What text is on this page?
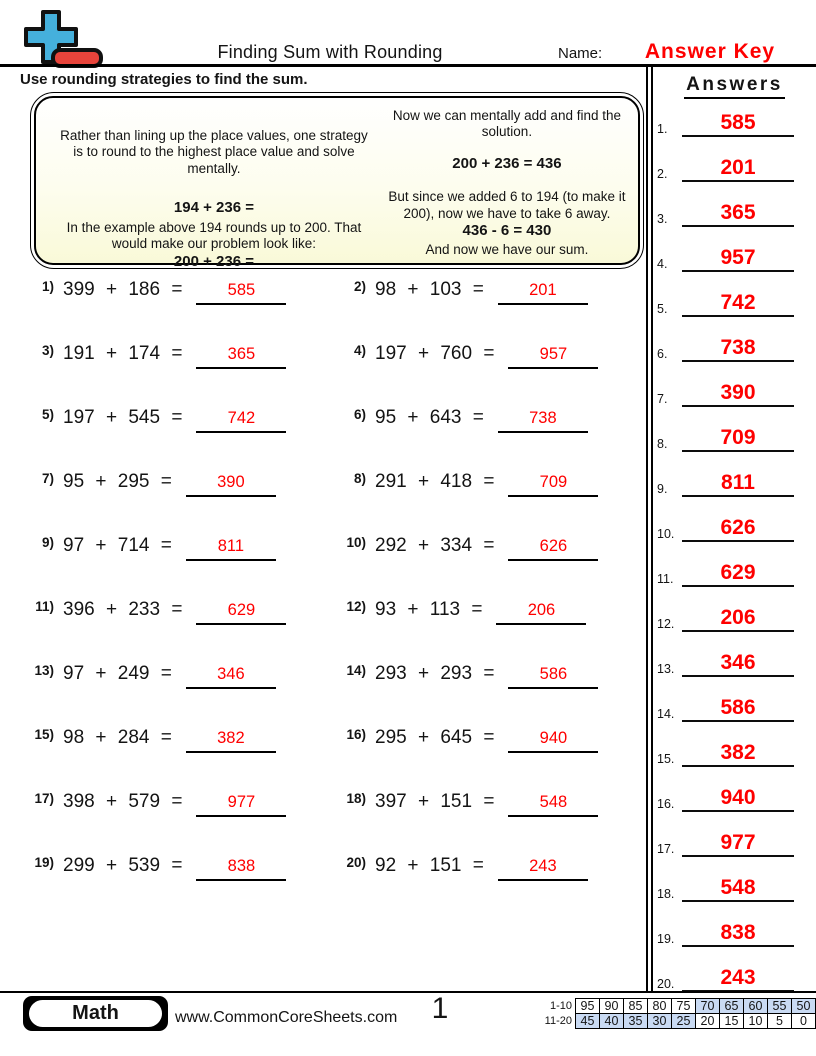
Finding Sum with Rounding	Name:	Answer Key
Use rounding strategies to find the sum.
Rather than lining up the place values, one strategy is to round to the highest place value and solve mentally.
194 + 236 =
In the example above 194 rounds up to 200. That would make our problem look like:
200 + 236 =
Now we can mentally add and find the solution.
200 + 236 = 436
But since we added 6 to 194 (to make it 200), now we have to take 6 away.
436 - 6 = 430
And now we have our sum.
1) 399 + 186 =	585	2) 98 + 103 =	201
3) 191 + 174 =	365	4) 197 + 760 =	957
5) 197 + 545 =	742	6) 95 + 643 =	738
7) 95 + 295 =	390	8) 291 + 418 =	709
9) 97 + 714 =	811	10) 292 + 334 =	626
11) 396 + 233 =	629	12) 93 + 113 =	206
13) 97 + 249 =	346	14) 293 + 293 =	586
15) 98 + 284 =	382	16) 295 + 645 =	940
17) 398 + 579 =	977	18) 397 + 151 =	548
19) 299 + 539 =	838	20) 92 + 151 =	243
Answers
1.	585
2.	201
3.	365
4.	957
5.	742
6.	738
7.	390
8.	709
9.	811
10.	626
11.	629
12.	206
13.	346
14.	586
15.	382
16.	940
17.	977
18.	548
19.	838
20.	243
Math	www.CommonCoreSheets.com	1	1-10 95 90 85 80 75 70 65 60 55 50
11-20 45 40 35 30 25 20 15 10	5	0
